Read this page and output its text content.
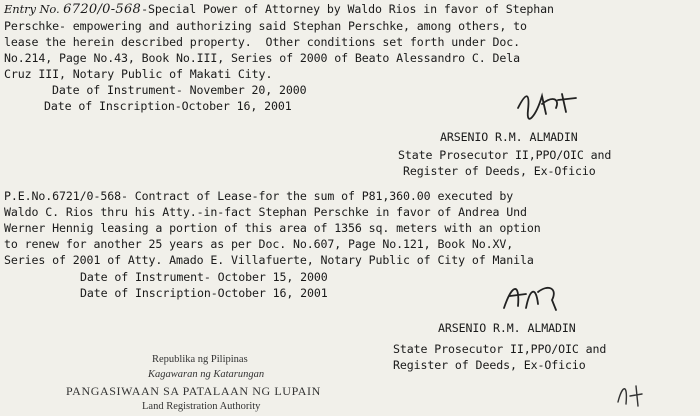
Entry No. 6720/0-568-Special Power of Attorney by Waldo Rios in favor of Stephan
Perschke- empowering and authorizing said Stephan Perschke, among others, to
lease the herein described property.  Other conditions set forth under Doc.
No.214, Page No.43, Book No.III, Series of 2000 of Beato Alessandro C. Dela
Cruz III, Notary Public of Makati City.
Date of Instrument- November 20, 2000
Date of Inscription-October 16, 2001
ARSENIO R.M. ALMADIN
State Prosecutor II,PPO/OIC and
Register of Deeds, Ex-Oficio
P.E.No.6721/0-568- Contract of Lease-for the sum of P81,360.00 executed by
Waldo C. Rios thru his Atty.-in-fact Stephan Perschke in favor of Andrea Und
Werner Hennig leasing a portion of this area of 1356 sq. meters with an option
to renew for another 25 years as per Doc. No.607, Page No.121, Book No.XV,
Series of 2001 of Atty. Amado E. Villafuerte, Notary Public of City of Manila
Date of Instrument- October 15, 2000
Date of Inscription-October 16, 2001
ARSENIO R.M. ALMADIN
State Prosecutor II,PPO/OIC and
Register of Deeds, Ex-Oficio
Republika ng Pilipinas
Kagawaran ng Katarungan
PANGASIWAAN SA PATALAAN NG LUPAIN
Land Registration Authority
